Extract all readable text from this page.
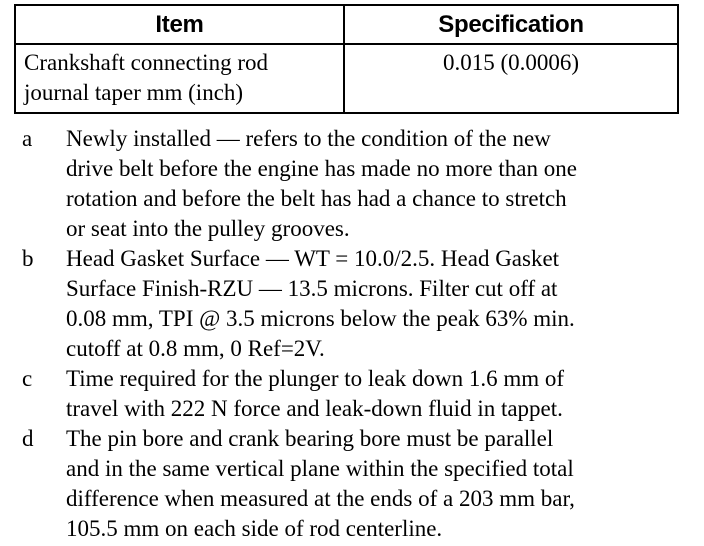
Item	Specification

Crankshaft connecting rod
journal taper mm (inch)	0.015 (0.0006)
a	Newly installed — refers to the condition of the new
drive belt before the engine has made no more than one
rotation and before the belt has had a chance to stretch
or seat into the pulley grooves.
b	Head Gasket Surface — WT = 10.0/2.5. Head Gasket
Surface Finish-RZU — 13.5 microns. Filter cut off at
0.08 mm, TPI @ 3.5 microns below the peak 63% min.
cutoff at 0.8 mm, 0 Ref=2V.
c	Time required for the plunger to leak down 1.6 mm of
travel with 222 N force and leak-down fluid in tappet.
d	The pin bore and crank bearing bore must be parallel
and in the same vertical plane within the specified total
difference when measured at the ends of a 203 mm bar,
105.5 mm on each side of rod centerline.
